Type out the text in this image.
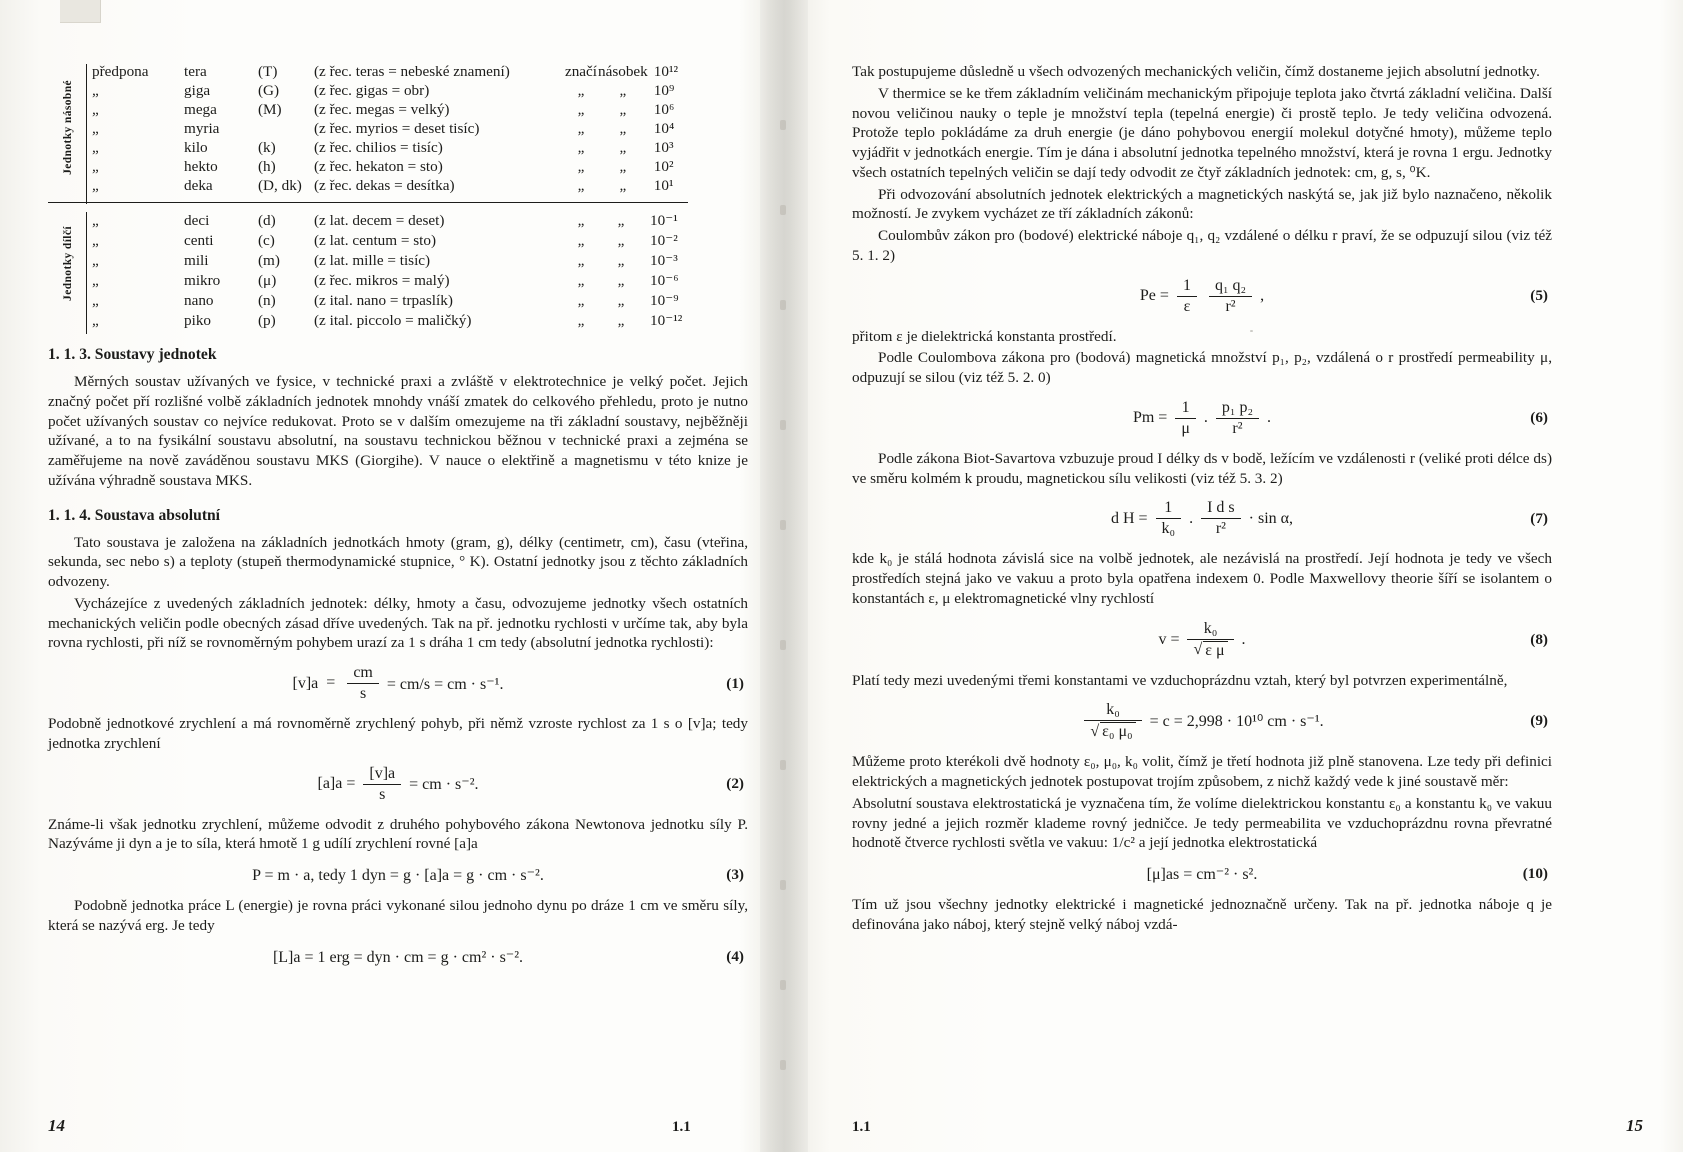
Jednotky násobné
předpona	tera	(T)	(z řec. teras = nebeské znamení)	značí	násobek	10¹²
„	giga	(G)	(z řec. gigas = obr)	„	„	10⁹
„	mega	(M)	(z řec. megas = velký)	„	„	10⁶
„	myria		(z řec. myrios = deset tisíc)	„	„	10⁴
„	kilo	(k)	(z řec. chilios = tisíc)	„	„	10³
„	hekto	(h)	(z řec. hekaton = sto)	„	„	10²
„	deka	(D, dk)	(z řec. dekas = desítka)	„	„	10¹
Jednotky dílčí
„	deci	(d)	(z lat. decem = deset)	„	„	10⁻¹
„	centi	(c)	(z lat. centum = sto)	„	„	10⁻²
„	mili	(m)	(z lat. mille = tisíc)	„	„	10⁻³
„	mikro	(μ)	(z řec. mikros = malý)	„	„	10⁻⁶
„	nano	(n)	(z ital. nano = trpaslík)	„	„	10⁻⁹
„	piko	(p)	(z ital. piccolo = maličký)	„	„	10⁻¹²
1. 1. 3. Soustavy jednotek

Měrných soustav užívaných ve fysice, v technické praxi a zvláště v elektrotechnice je velký počet. Jejich značný počet pří rozlišné volbě základních jednotek mnohdy vnáší zmatek do celkového přehledu, proto je nutno počet užívaných soustav co nejvíce redukovat. Proto se v dalším omezujeme na tři základní soustavy, nejběžněji užívané, a to na fysikální soustavu absolutní, na soustavu technickou běžnou v technické praxi a zejména se zaměřujeme na nově zaváděnou soustavu MKS (Giorgihe). V nauce o elektřině a magnetismu v této knize je užívána výhradně soustava MKS.

1. 1. 4. Soustava absolutní

Tato soustava je založena na základních jednotkách hmoty (gram, g), délky (centimetr, cm), času (vteřina, sekunda, sec nebo s) a teploty (stupeň thermodynamické stupnice, ° K). Ostatní jednotky jsou z těchto základních odvozeny.

Vycházejíce z uvedených základních jednotek: délky, hmoty a času, odvozujeme jednotky všech ostatních mechanických veličin podle obecných zásad dříve uvedených. Tak na př. jednotku rychlosti v určíme tak, aby byla rovna rychlosti, při níž se rovnoměrným pohybem urazí za 1 s dráha 1 cm tedy (absolutní jednotka rychlosti):

$[v]a = \frac{cm}{s} = cm/s$ = cm · s⁻¹.	(1)

Podobně jednotkové zrychlení a má rovnoměrně zrychlený pohyb, při němž vzroste rychlost za 1 s o [v]a; tedy jednotka zrychlení

$[a]a = \frac{[v]a}{s}$ = cm · s⁻².	(2)

Známe-li však jednotku zrychlení, můžeme odvodit z druhého pohybového zákona Newtonova jednotku síly P. Nazýváme ji dyn a je to síla, která hmotě 1 g udílí zrychlení rovné [a]a

P = m · a, tedy 1 dyn = g · [a]a = g · cm · s⁻².	(3)

Podobně jednotka práce L (energie) je rovna práci vykonané silou jednoho dynu po dráze 1 cm ve směru síly, která se nazývá erg. Je tedy

[L]a = 1 erg = dyn · cm = g · cm² · s⁻².	(4)

Tak postupujeme důsledně u všech odvozených mechanických veličin, čímž dostaneme jejich absolutní jednotky.

V thermice se ke třem základním veličinám mechanickým připojuje teplota jako čtvrtá základní veličina. Další novou veličinou nauky o teple je množství tepla (tepelná energie) či prostě teplo. Je tedy veličina odvozená. Protože teplo pokládáme za druh energie (je dáno pohybovou energií molekul dotyčné hmoty), můžeme teplo vyjádřit v jednotkách energie. Tím je dána i absolutní jednotka tepelného množství, která je rovna 1 ergu. Jednotky všech ostatních tepelných veličin se dají tedy odvodit ze čtyř základních jednotek: cm, g, s, ⁰K.

Při odvozování absolutních jednotek elektrických a magnetických naskýtá se, jak již bylo naznačeno, několik možností. Je zvykem vycházet ze tří základních zákonů:

Coulombův zákon pro (bodové) elektrické náboje q₁, q₂ vzdálené o délku r praví, že se odpuzují silou (viz též 5. 1. 2)

$Pe = \frac{1}{\varepsilon}$
$\frac{\text{q₁ q₂}}{\text{r²}}$ ,	(5)

přitom ε je dielektrická konstanta prostředí.

Podle Coulombova zákona pro (bodová) magnetická množství p₁, p₂, vzdálená o r prostředí permeability μ, odpuzují se silou (viz též 5. 2. 0)

$Pm = \frac{1}{\mu}$ . $\frac{\text{p₁ p₂}}{\text{r²}}$ .	(6)

Podle zákona Biot-Savartova vzbuzuje proud I délky ds v bodě, ležícím ve vzdálenosti r (veliké proti délce ds) ve směru kolmém k proudu, magnetickou sílu velikosti (viz též 5. 3. 2)

d $H = \frac{1}{\text{k₀}}$ . $\frac{\text{I d s}}{\text{r²}} \cdot \sin \alpha$,	(7)

kde k₀ je stálá hodnota závislá sice na volbě jednotek, ale nezávislá na prostředí. Její hodnota je tedy ve všech prostředích stejná jako ve vakuu a proto byla opatřena indexem 0. Podle Maxwellovy theorie šíří se isolantem o konstantách ε, μ elektromagnetické vlny rychlostí

$v = \frac{\text{k₀}}{\text{√ ε μ}}$ .	(8)

Platí tedy mezi uvedenými třemi konstantami ve vzduchoprázdnu vztah, který byl potvrzen experimentálně,

$\frac{\text{k₀}}{\text{√ ε₀ μ₀}} = c = 2,998 \cdot 10^{10}$ cm · s⁻¹.	(9)

Můžeme proto kterékoli dvě hodnoty ε₀, μ₀, k₀ volit, čímž je třetí hodnota již plně stanovena. Lze tedy při definici elektrických a magnetických jednotek postupovat trojím způsobem, z nichž každý vede k jiné soustavě měr:

Absolutní soustava elektrostatická je vyznačena tím, že volíme dielektrickou konstantu ε₀ a konstantu k₀ ve vakuu rovny jedné a jejich rozměr klademe rovný jedničce. Je tedy permeabilita ve vzduchoprázdnu rovna převratné hodnotě čtverce rychlosti světla ve vakuu: 1/c² a její jednotka elektrostatická

[μ]as = cm⁻² · s².	(10)

Tím už jsou všechny jednotky elektrické i magnetické jednoznačně určeny. Tak na př. jednotka náboje q je definována jako náboj, který stejně velký náboj vzdá-

14	1.1	1.1	15
